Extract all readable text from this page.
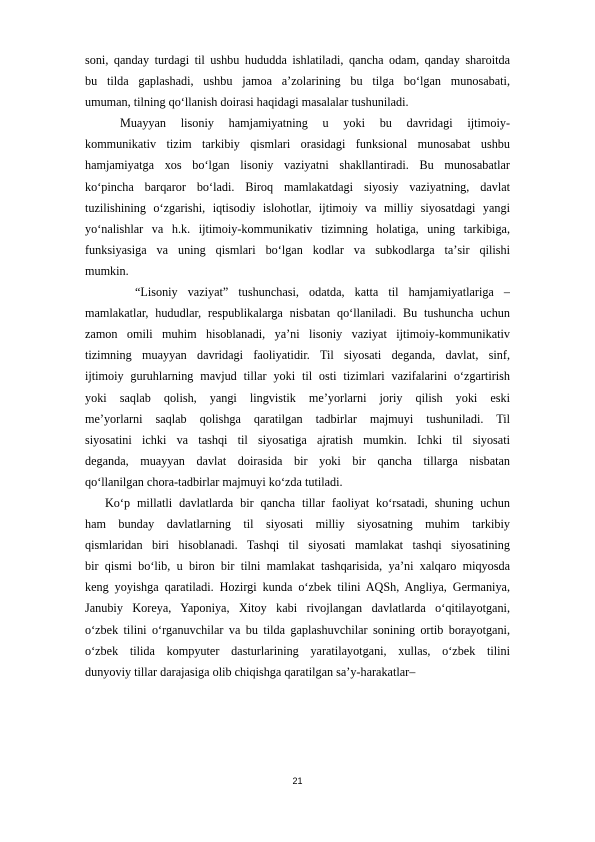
soni, qanday turdagi til ushbu hududda ishlatiladi, qancha odam, qanday sharoitda
bu tilda gaplashadi, ushbu jamoa aʼzolarining bu tilga boʻlgan munosabati,
umuman, tilning qoʻllanish doirasi haqidagi masalalar tushuniladi.
Muayyan lisoniy hamjamiyatning u yoki bu davridagi ijtimoiy-
kommunikativ tizim tarkibiy qismlari orasidagi funksional munosabat ushbu
hamjamiyatga xos boʻlgan lisoniy vaziyatni shakllantiradi. Bu munosabatlar
koʻpincha barqaror boʻladi. Biroq mamlakatdagi siyosiy vaziyatning, davlat
tuzilishining oʻzgarishi, iqtisodiy islohotlar, ijtimoiy va milliy siyosatdagi yangi
yoʻnalishlar va h.k. ijtimoiy-kommunikativ tizimning holatiga, uning tarkibiga,
funksiyasiga va uning qismlari boʻlgan kodlar va subkodlarga taʼsir qilishi
mumkin.
“Lisoniy vaziyat” tushunchasi, odatda, katta til hamjamiyatlariga –
mamlakatlar, hududlar, respublikalarga nisbatan qoʻllaniladi. Bu tushuncha uchun
zamon omili muhim hisoblanadi, yaʼni lisoniy vaziyat ijtimoiy-kommunikativ
tizimning muayyan davridagi faoliyatidir. Til siyosati deganda, davlat, sinf,
ijtimoiy guruhlarning mavjud tillar yoki til osti tizimlari vazifalarini oʻzgartirish
yoki saqlab qolish, yangi lingvistik meʼyorlarni joriy qilish yoki eski
meʼyorlarni saqlab qolishga qaratilgan tadbirlar majmuyi tushuniladi. Til
siyosatini ichki va tashqi til siyosatiga ajratish mumkin. Ichki til siyosati
deganda, muayyan davlat doirasida bir yoki bir qancha tillarga nisbatan
qoʻllanilgan chora-tadbirlar majmuyi koʻzda tutiladi.
Koʻp millatli davlatlarda bir qancha tillar faoliyat koʻrsatadi, shuning uchun
ham bunday davlatlarning til siyosati milliy siyosatning muhim tarkibiy
qismlaridan biri hisoblanadi. Tashqi til siyosati mamlakat tashqi siyosatining
bir qismi boʻlib, u biron bir tilni mamlakat tashqarisida, yaʼni xalqaro miqyosda
keng yoyishga qaratiladi. Hozirgi kunda oʻzbek tilini AQSh, Angliya, Germaniya,
Janubiy Koreya, Yaponiya, Xitoy kabi rivojlangan davlatlarda oʻqitilayotgani,
oʻzbek tilini oʻrganuvchilar va bu tilda gaplashuvchilar sonining ortib borayotgani,
oʻzbek tilida kompyuter dasturlarining yaratilayotgani, xullas, oʻzbek tilini
dunyoviy tillar darajasiga olib chiqishga qaratilgan saʼy-harakatlar–
21
